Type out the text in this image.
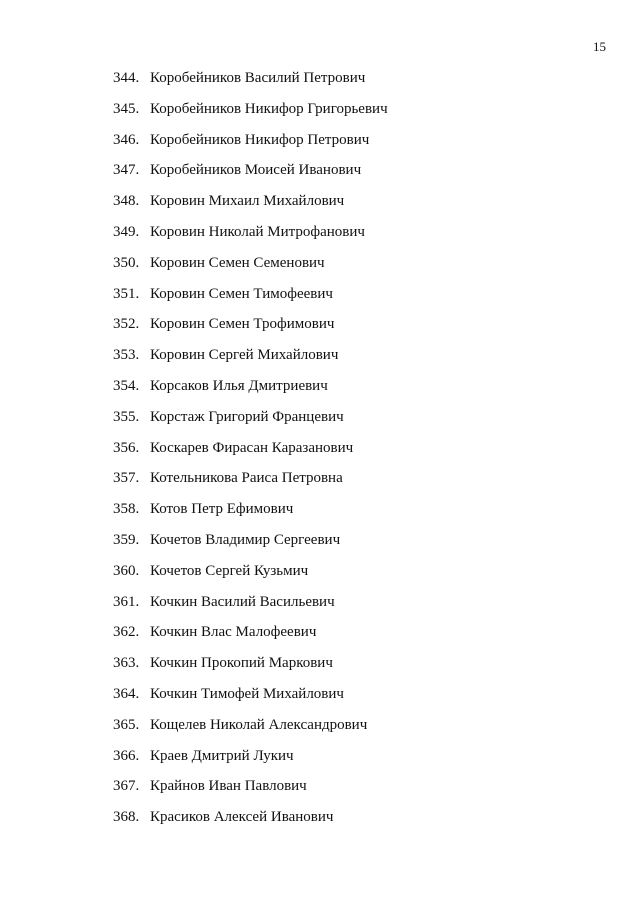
15
344. Коробейников Василий Петрович
345. Коробейников Никифор Григорьевич
346. Коробейников Никифор Петрович
347. Коробейников Моисей Иванович
348. Коровин Михаил Михайлович
349. Коровин Николай Митрофанович
350. Коровин Семен Семенович
351. Коровин Семен Тимофеевич
352. Коровин Семен Трофимович
353. Коровин Сергей Михайлович
354. Корсаков Илья Дмитриевич
355. Корстаж Григорий Францевич
356. Коскарев Фирасан Каразанович
357. Котельникова Раиса Петровна
358. Котов Петр Ефимович
359. Кочетов Владимир Сергеевич
360. Кочетов Сергей Кузьмич
361. Кочкин Василий Васильевич
362. Кочкин Влас Малофеевич
363. Кочкин Прокопий Маркович
364. Кочкин Тимофей Михайлович
365. Кощелев Николай Александрович
366. Краев Дмитрий Лукич
367. Крайнов Иван Павлович
368. Красиков Алексей Иванович
